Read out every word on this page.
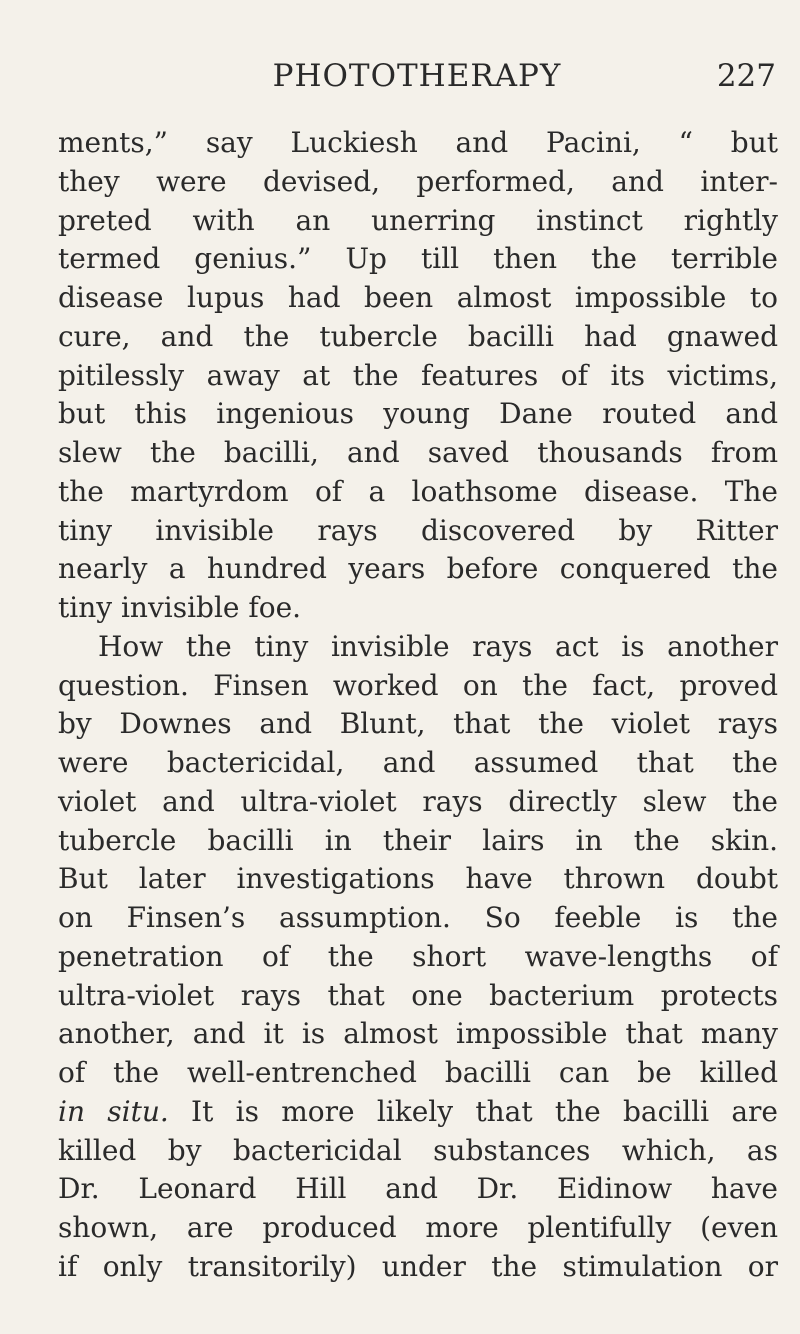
PHOTOTHERAPY	227
ments,” say Luckiesh and Pacini, “ but
they were devised, performed, and inter-
preted with an unerring instinct rightly
termed genius.” Up till then the terrible
disease lupus had been almost impossible to
cure, and the tubercle bacilli had gnawed
pitilessly away at the features of its victims,
but this ingenious young Dane routed and
slew the bacilli, and saved thousands from
the martyrdom of a loathsome disease. The
tiny invisible rays discovered by Ritter
nearly a hundred years before conquered the
tiny invisible foe.
How the tiny invisible rays act is another
question. Finsen worked on the fact, proved
by Downes and Blunt, that the violet rays
were bactericidal, and assumed that the
violet and ultra-violet rays directly slew the
tubercle bacilli in their lairs in the skin.
But later investigations have thrown doubt
on Finsen’s assumption. So feeble is the
penetration of the short wave-lengths of
ultra-violet rays that one bacterium protects
another, and it is almost impossible that many
of the well-entrenched bacilli can be killed
in situ. It is more likely that the bacilli are
killed by bactericidal substances which, as
Dr. Leonard Hill and Dr. Eidinow have
shown, are produced more plentifully (even
if only transitorily) under the stimulation or
